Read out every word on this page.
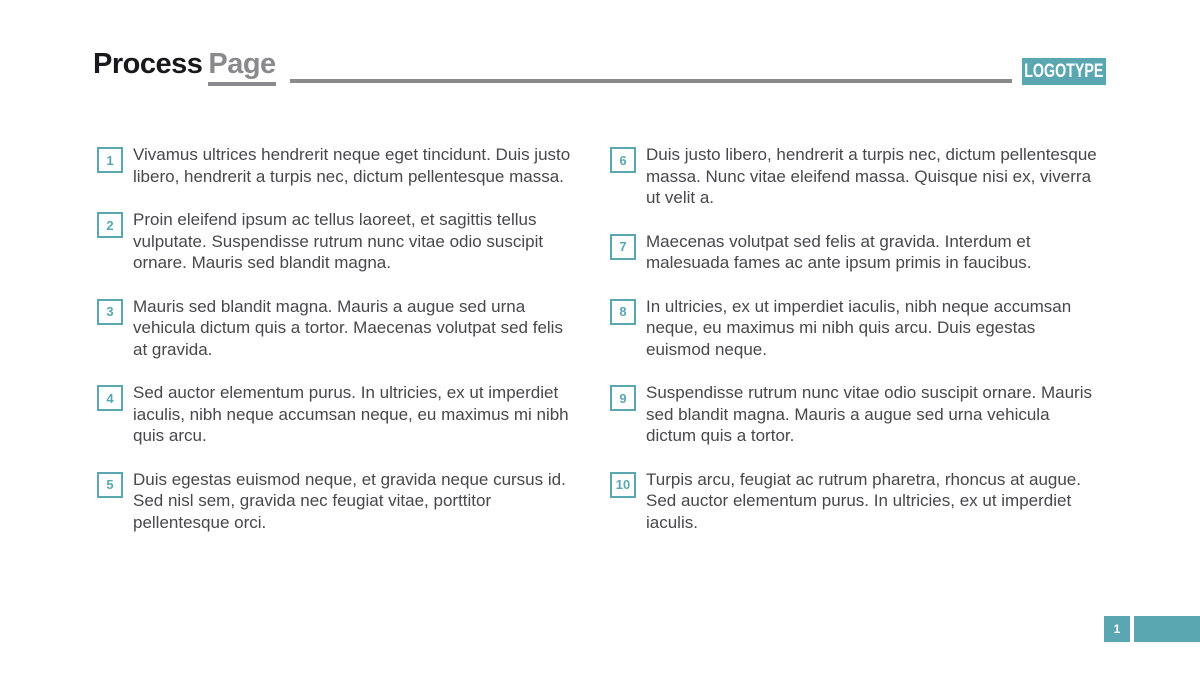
Process Page	LOGOTYPE
1 Vivamus ultrices hendrerit neque eget tincidunt. Duis justo libero, hendrerit a turpis nec, dictum pellentesque massa.

2 Proin eleifend ipsum ac tellus laoreet, et sagittis tellus vulputate. Suspendisse rutrum nunc vitae odio suscipit ornare. Mauris sed blandit magna.

3 Mauris sed blandit magna. Mauris a augue sed urna vehicula dictum quis a tortor. Maecenas volutpat sed felis at gravida.

4 Sed auctor elementum purus. In ultricies, ex ut imperdiet iaculis, nibh neque accumsan neque, eu maximus mi nibh quis arcu.

5 Duis egestas euismod neque, et gravida neque cursus id. Sed nisl sem, gravida nec feugiat vitae, porttitor pellentesque orci.

6 Duis justo libero, hendrerit a turpis nec, dictum pellentesque massa. Nunc vitae eleifend massa. Quisque nisi ex, viverra ut velit a.

7 Maecenas volutpat sed felis at gravida. Interdum et malesuada fames ac ante ipsum primis in faucibus.

8 In ultricies, ex ut imperdiet iaculis, nibh neque accumsan neque, eu maximus mi nibh quis arcu. Duis egestas euismod neque.

9 Suspendisse rutrum nunc vitae odio suscipit ornare. Mauris sed blandit magna. Mauris a augue sed urna vehicula dictum quis a tortor.

10 Turpis arcu, feugiat ac rutrum pharetra, rhoncus at augue. Sed auctor elementum purus. In ultricies, ex ut imperdiet iaculis.

1
